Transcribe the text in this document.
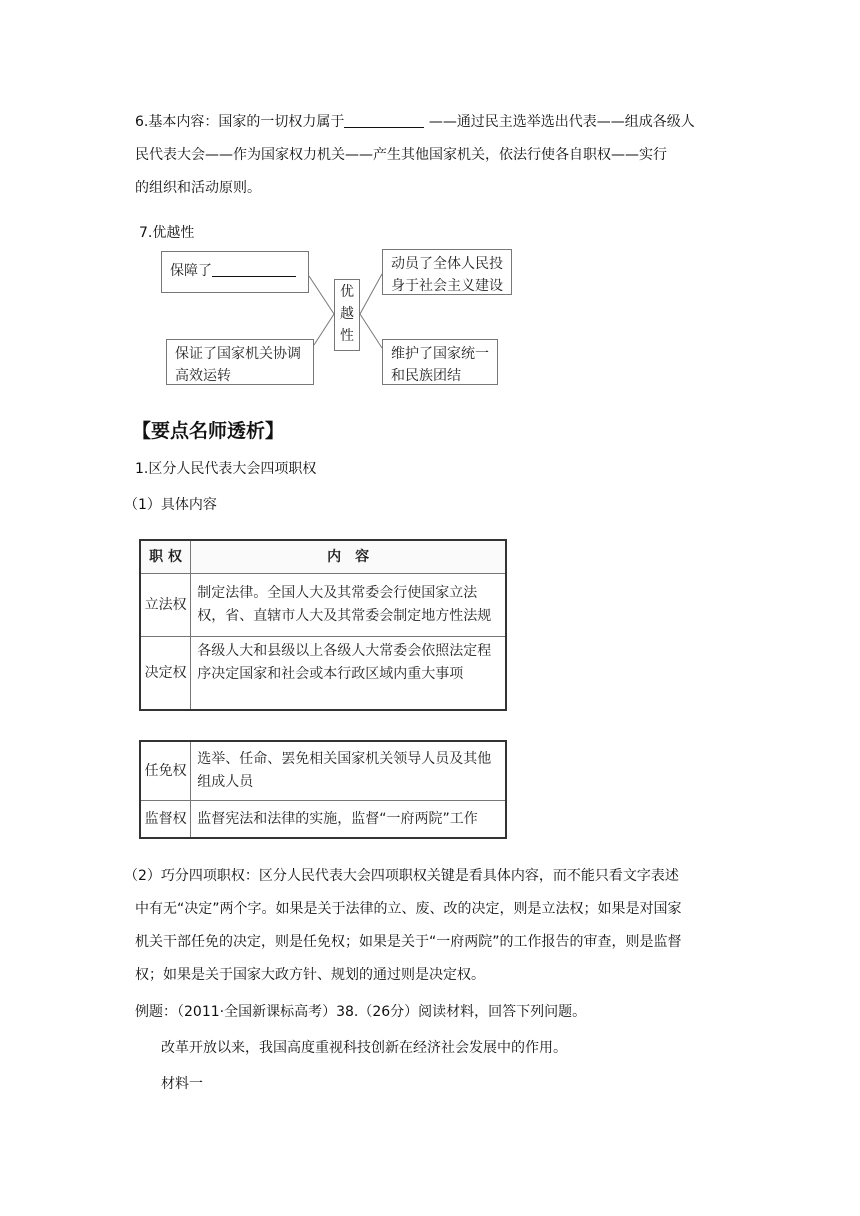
6.基本内容：国家的一切权力属于	——通过民主选举选出代表——组成各级人
民代表大会——作为国家权力机关——产生其他国家机关，依法行使各自职权——实行
的组织和活动原则。
7.优越性
保障了	动员了全体人民投身于社会主义建设
保证了国家机关协调高效运转
维护了国家统一和民族团结
优
越
性
【要点名师透析】
1.区分人民代表大会四项职权
（1）具体内容
职 权	内　容
立法权	制定法律。全国人大及其常委会行使国家立法权，省、直辖市人大及其常委会制定地方性法规
决定权	各级人大和县级以上各级人大常委会依照法定程序决定国家和社会或本行政区域内重大事项
任免权	选举、任命、罢免相关国家机关领导人员及其他组成人员
监督权	监督宪法和法律的实施，监督“一府两院”工作
（2）巧分四项职权：区分人民代表大会四项职权关键是看具体内容，而不能只看文字表述
中有无“决定”两个字。如果是关于法律的立、废、改的决定，则是立法权；如果是对国家
机关干部任免的决定，则是任免权；如果是关于“一府两院”的工作报告的审查，则是监督
权；如果是关于国家大政方针、规划的通过则是决定权。
例题：（2011·全国新课标高考）38.（26分）阅读材料，回答下列问题。
改革开放以来，我国高度重视科技创新在经济社会发展中的作用。
材料一
